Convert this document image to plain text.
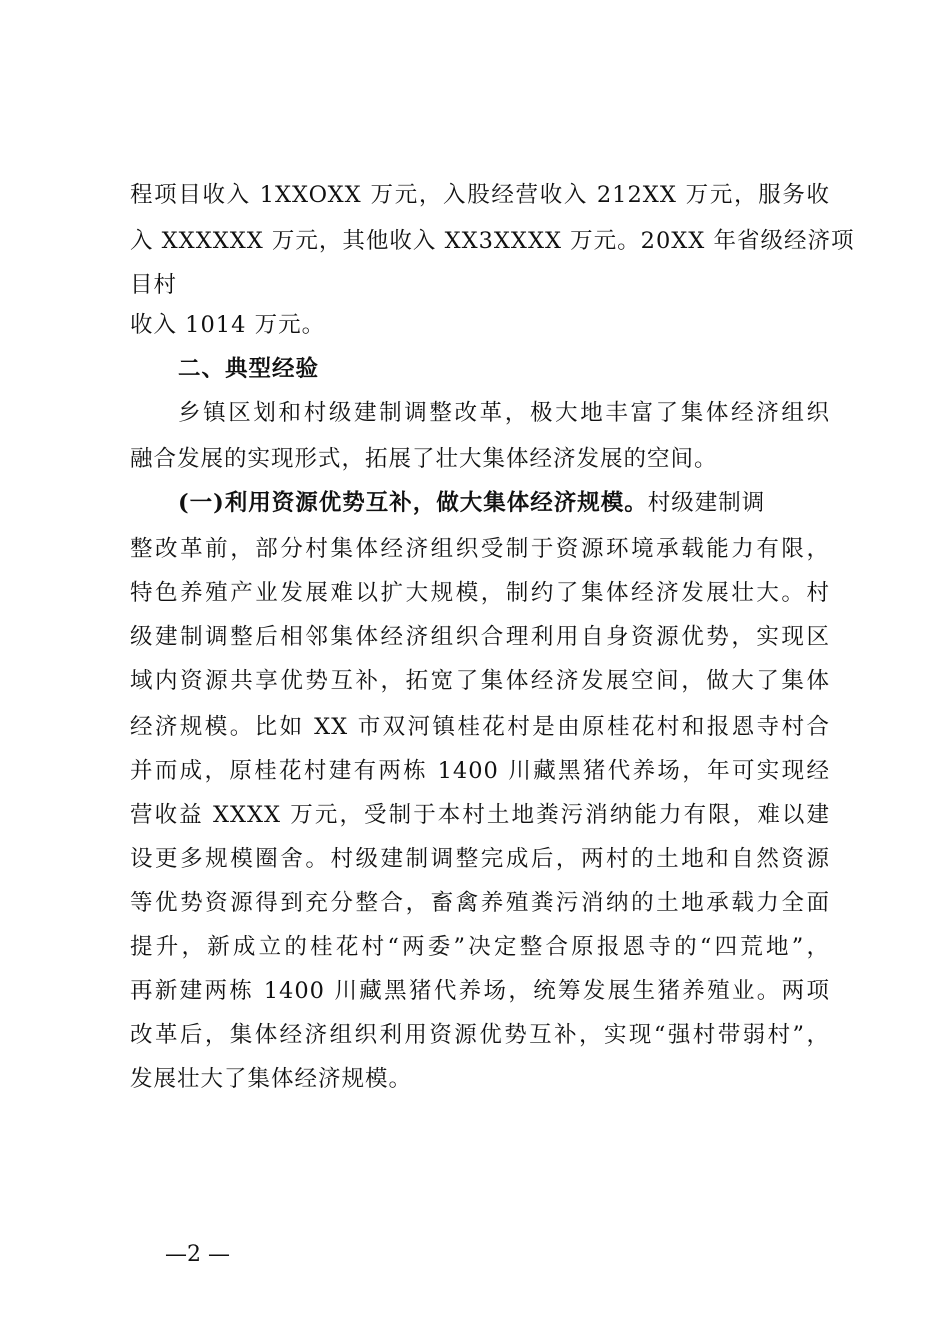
程项目收入 1XXOXX 万元，入股经营收入 212XX 万元，服务收
入 XXXXXX 万元，其他收入 XX3XXXX 万元。20XX 年省级经济项
目村
收入 1014 万元。
二、典型经验
乡镇区划和村级建制调整改革，极大地丰富了集体经济组织
融合发展的实现形式，拓展了壮大集体经济发展的空间。
(一)利用资源优势互补，做大集体经济规模。村级建制调
整改革前，部分村集体经济组织受制于资源环境承载能力有限，
特色养殖产业发展难以扩大规模，制约了集体经济发展壮大。村
级建制调整后相邻集体经济组织合理利用自身资源优势，实现区
域内资源共享优势互补，拓宽了集体经济发展空间，做大了集体
经济规模。比如 XX 市双河镇桂花村是由原桂花村和报恩寺村合
并而成，原桂花村建有两栋 1400 川藏黑猪代养场，年可实现经
营收益 XXXX 万元，受制于本村土地粪污消纳能力有限，难以建
设更多规模圈舍。村级建制调整完成后，两村的土地和自然资源
等优势资源得到充分整合，畜禽养殖粪污消纳的土地承载力全面
提升，新成立的桂花村“两委”决定整合原报恩寺的“四荒地”，
再新建两栋 1400 川藏黑猪代养场，统筹发展生猪养殖业。两项
改革后，集体经济组织利用资源优势互补，实现“强村带弱村”，
发展壮大了集体经济规模。
—2 —
